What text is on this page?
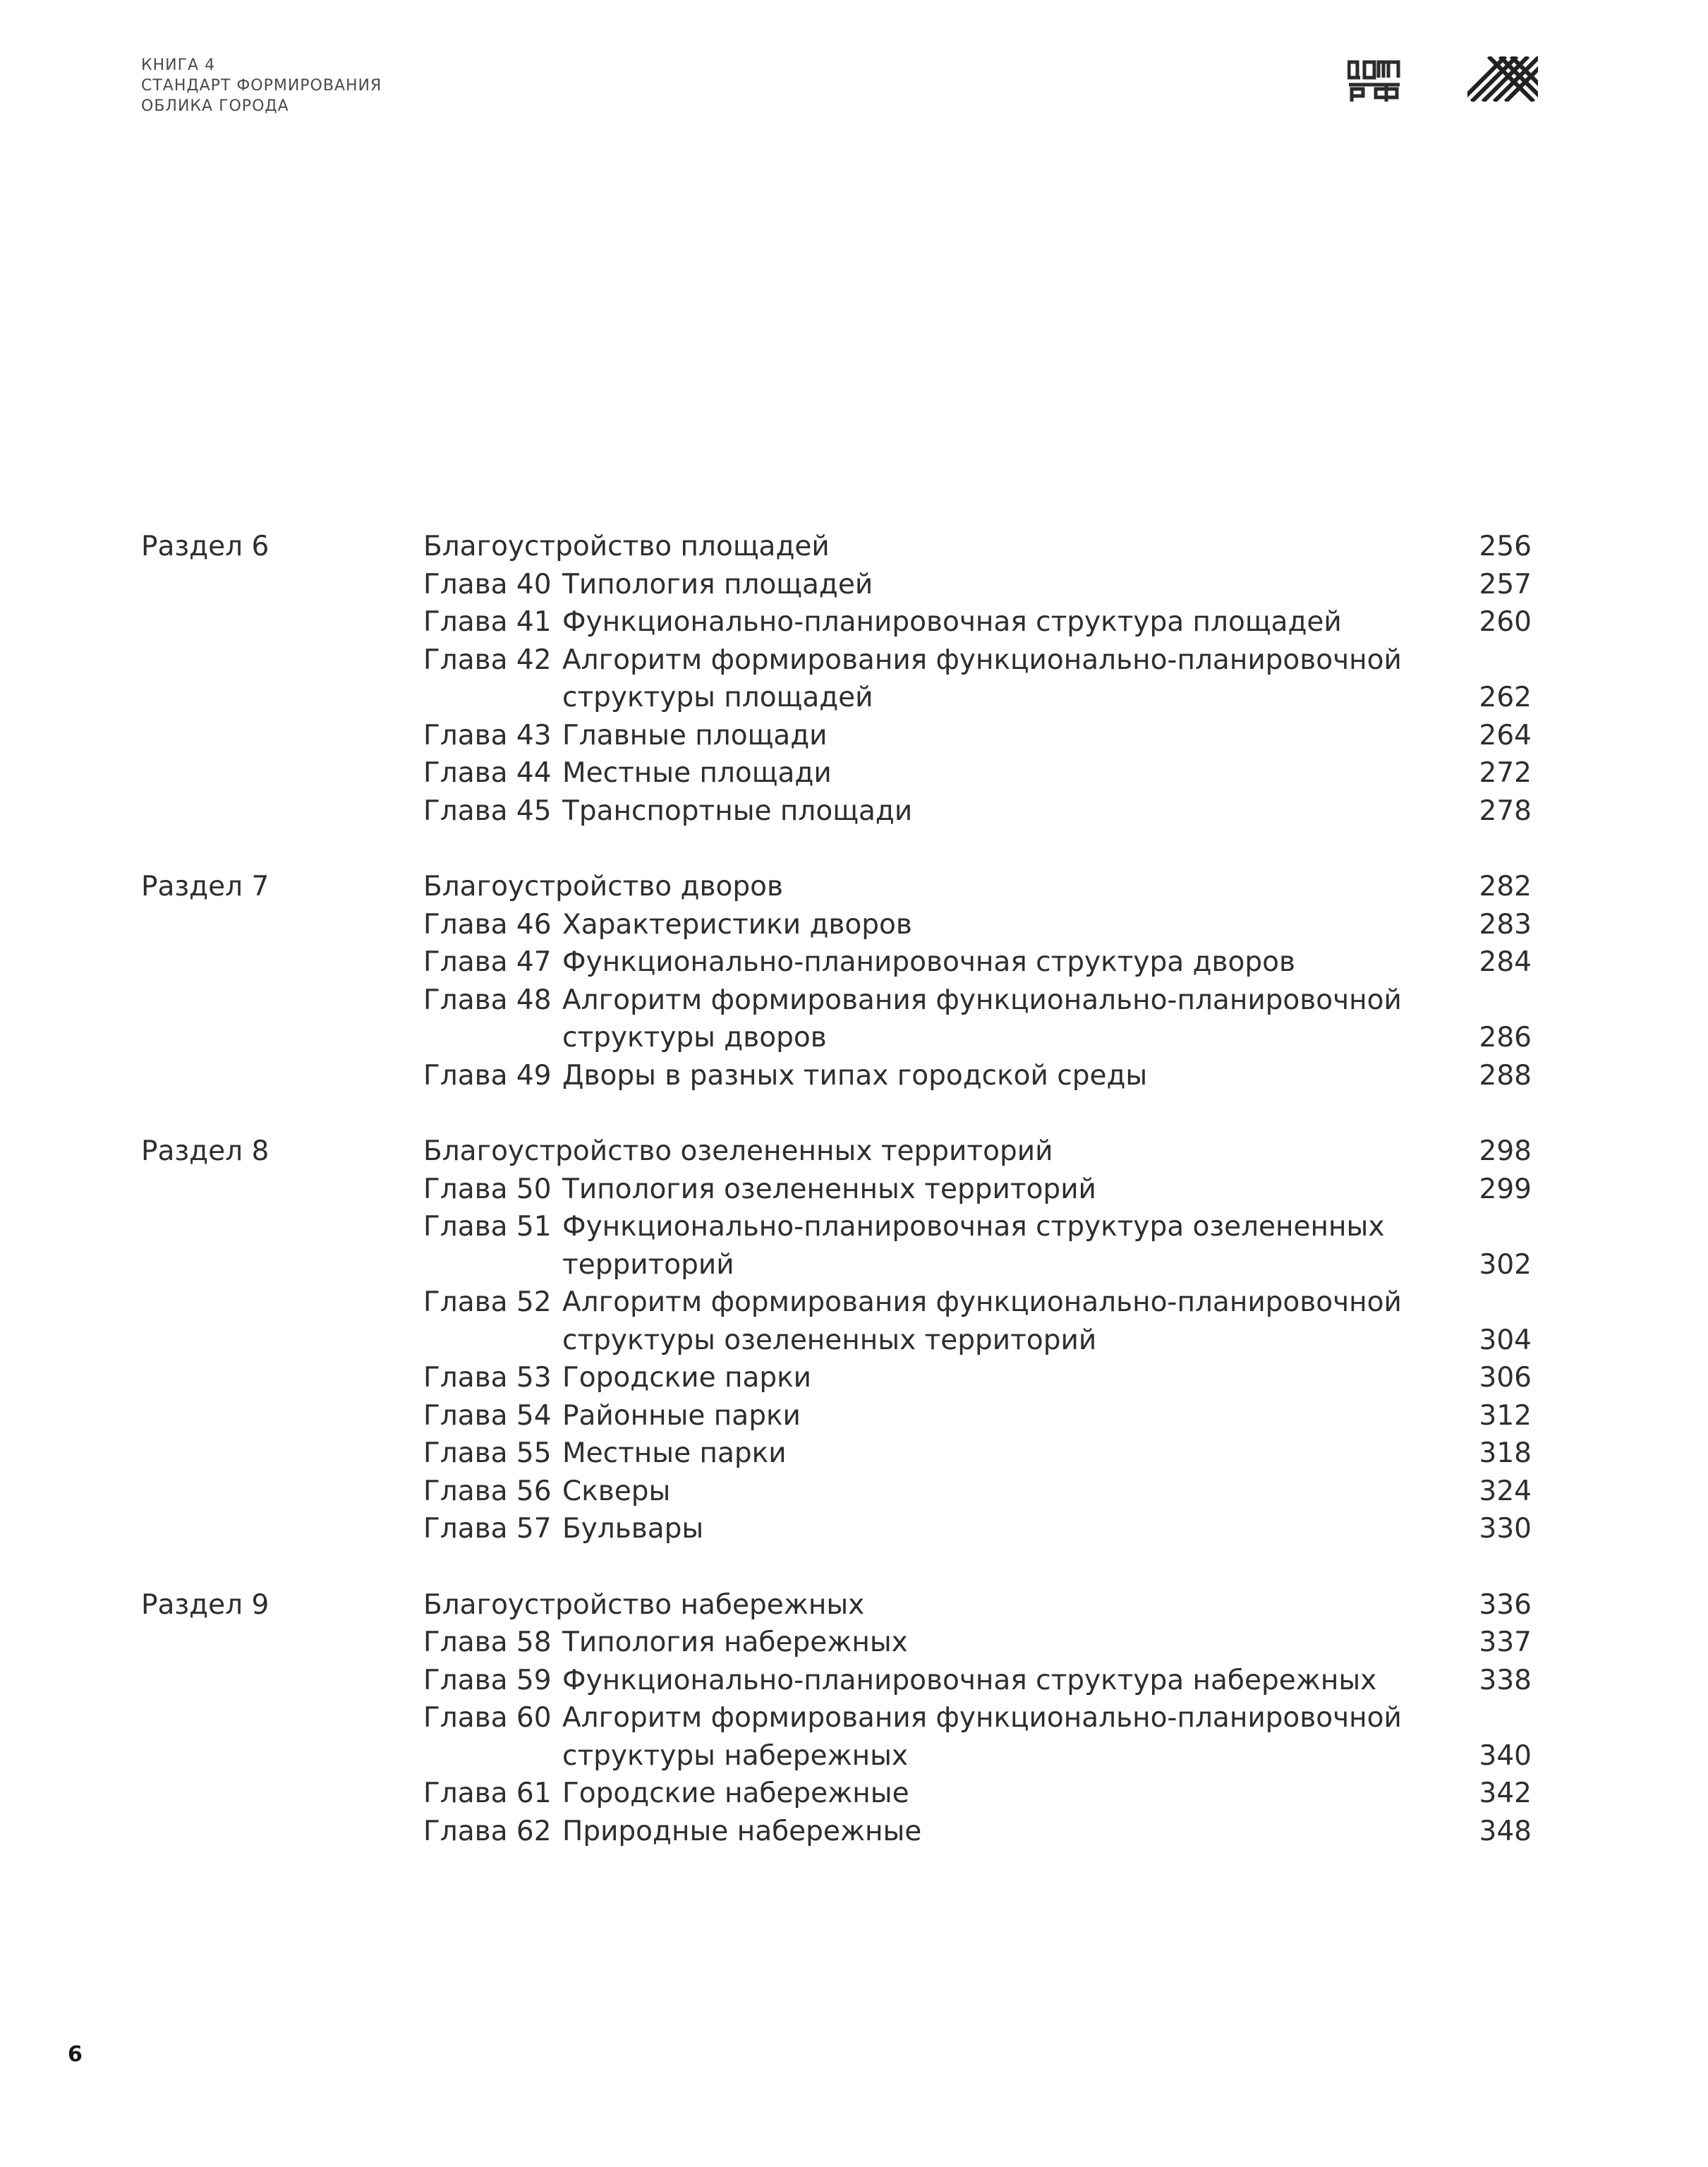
КНИГА 4
СТАНДАРТ ФОРМИРОВАНИЯ
ОБЛИКА ГОРОДА
Раздел 6	Благоустройство площадей	256
Глава 40 Типология площадей	257
Глава 41 Функционально-планировочная структура площадей	260
Глава 42 Алгоритм формирования функционально-планировочной
структуры площадей	262
Глава 43 Главные площади	264
Глава 44 Местные площади	272
Глава 45 Транспортные площади	278
Раздел 7	Благоустройство дворов	282
Глава 46 Характеристики дворов	283
Глава 47 Функционально-планировочная структура дворов	284
Глава 48 Алгоритм формирования функционально-планировочной
структуры дворов	286
Глава 49 Дворы в разных типах городской среды	288
Раздел 8	Благоустройство озелененных территорий	298
Глава 50 Типология озелененных территорий	299
Глава 51 Функционально-планировочная структура озелененных
территорий	302
Глава 52 Алгоритм формирования функционально-планировочной
структуры озелененных территорий	304
Глава 53 Городские парки	306
Глава 54 Районные парки	312
Глава 55 Местные парки	318
Глава 56 Скверы	324
Глава 57 Бульвары	330
Раздел 9	Благоустройство набережных	336
Глава 58 Типология набережных	337
Глава 59 Функционально-планировочная структура набережных	338
Глава 60 Алгоритм формирования функционально-планировочной
структуры набережных	340
Глава 61 Городские набережные	342
Глава 62 Природные набережные	348
6
